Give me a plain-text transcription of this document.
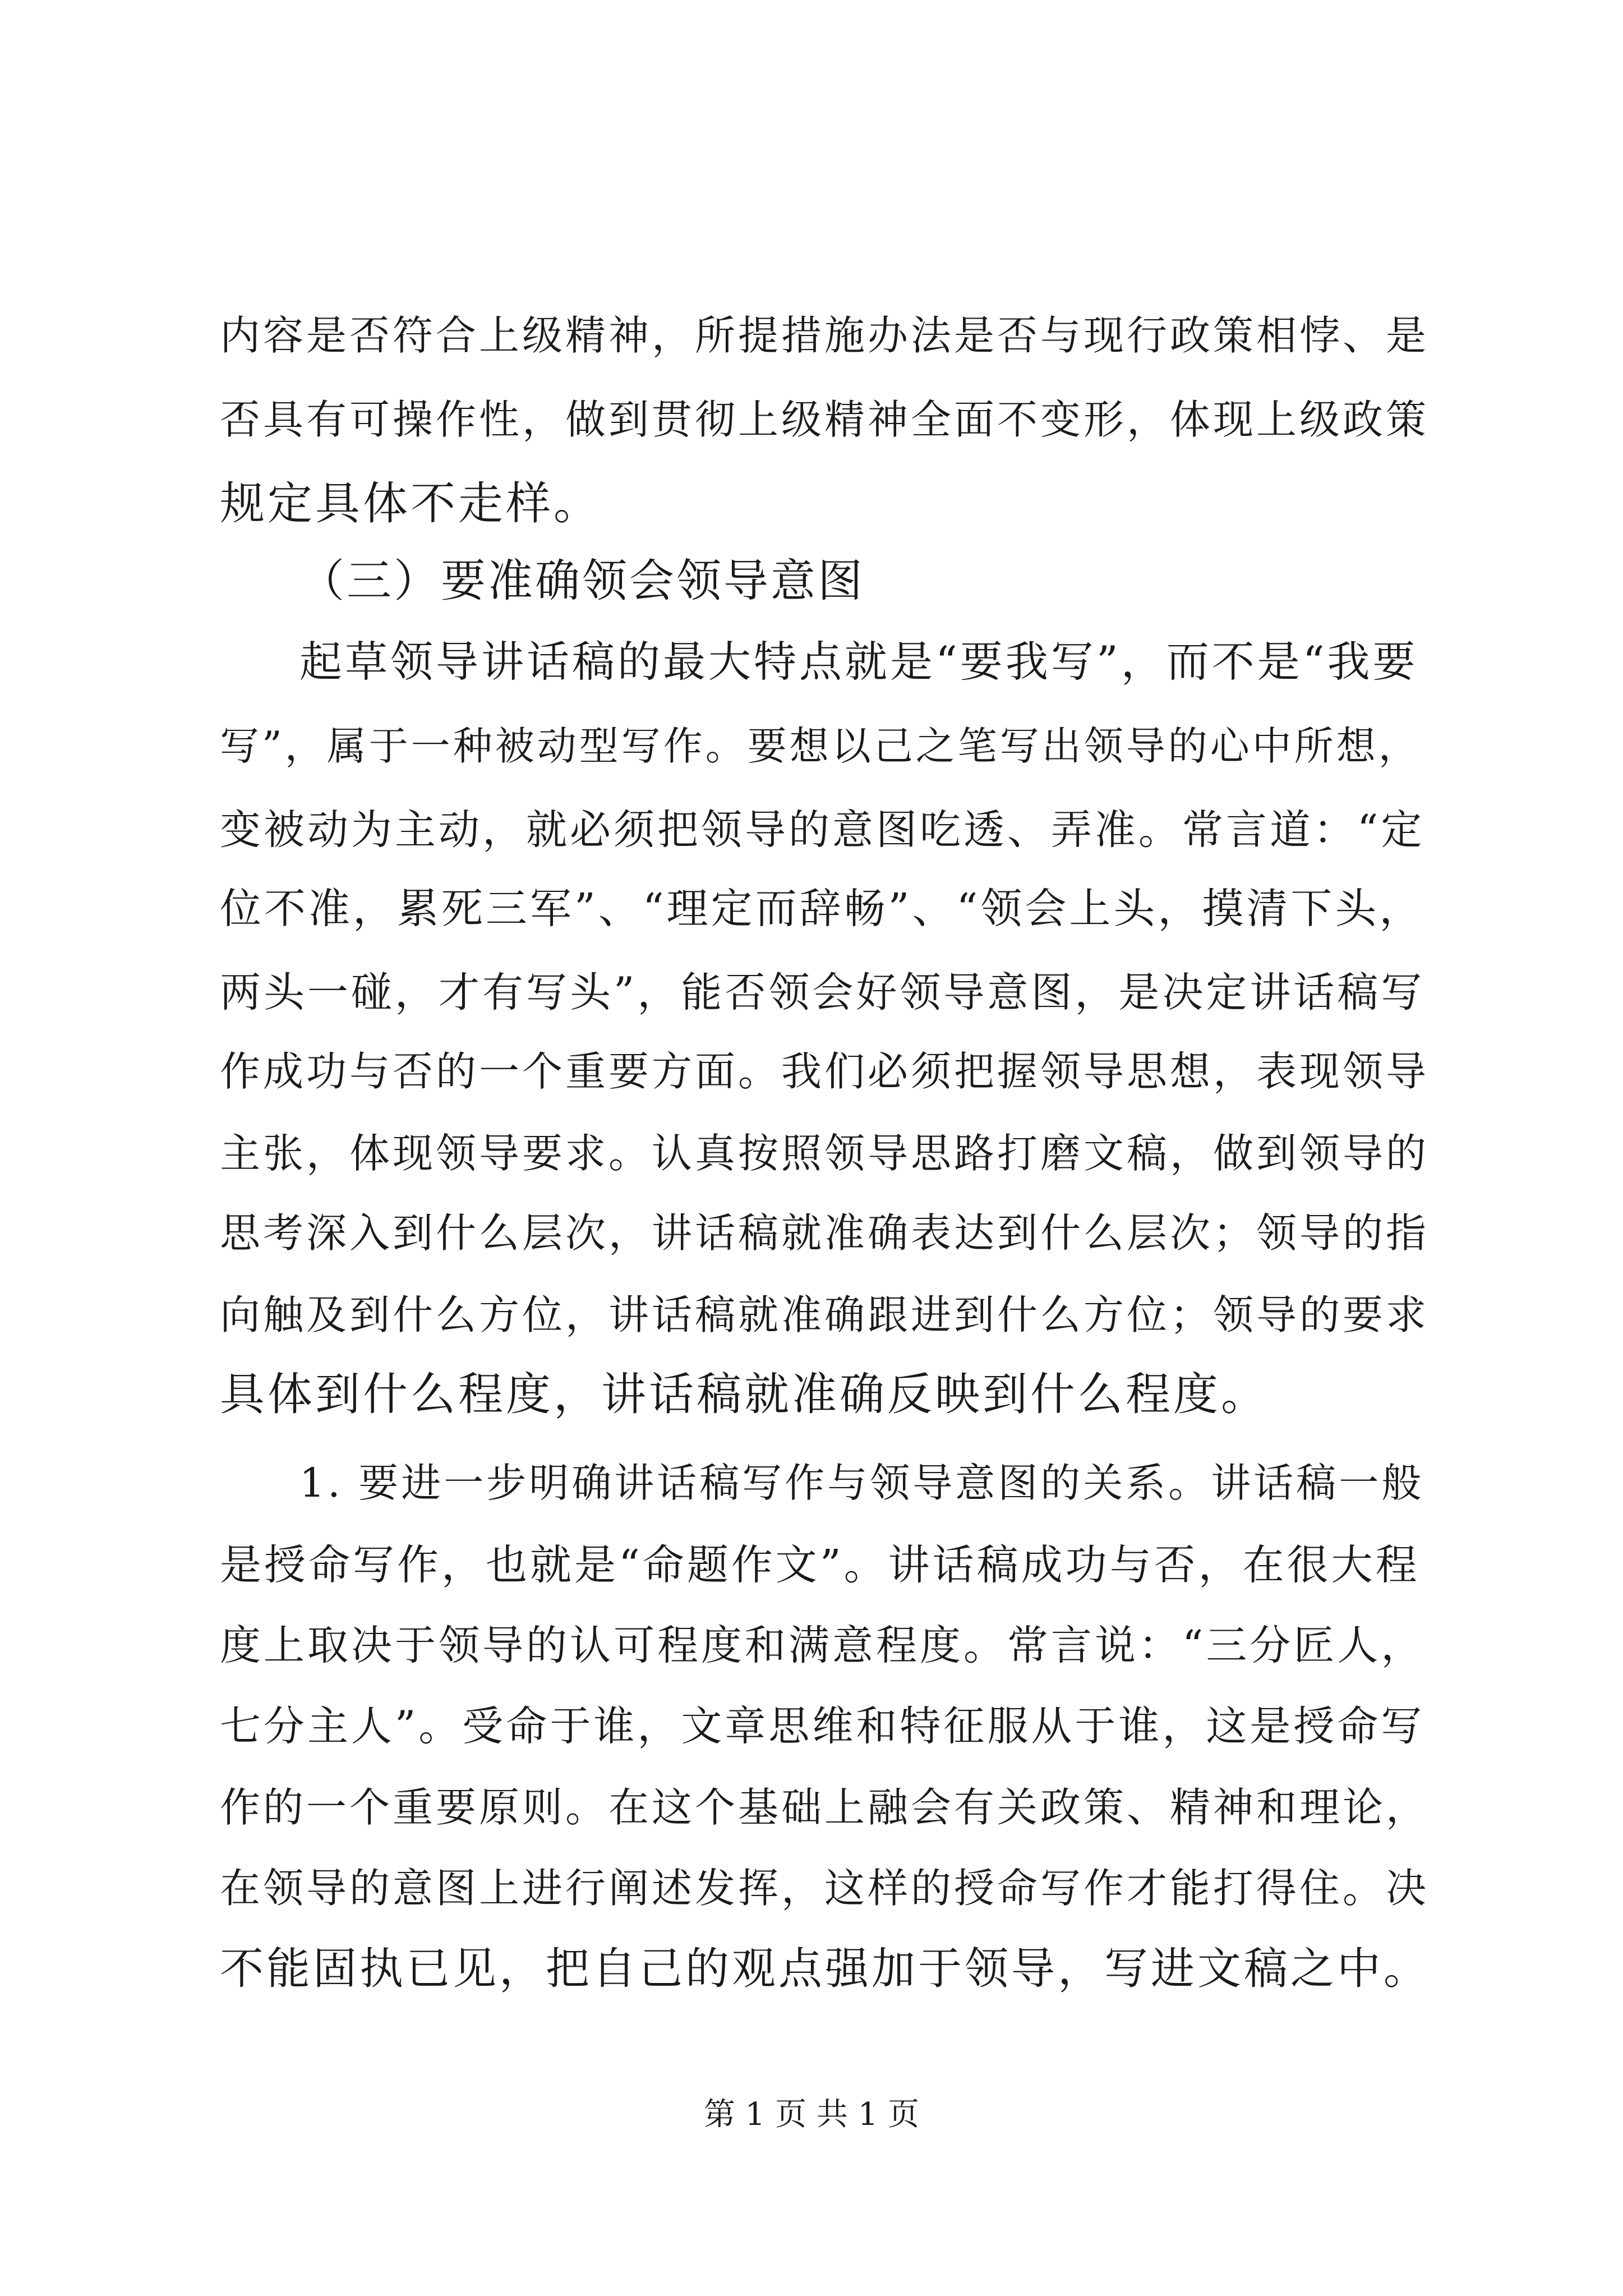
内容是否符合上级精神，所提措施办法是否与现行政策相悖、是
否具有可操作性，做到贯彻上级精神全面不变形，体现上级政策
规定具体不走样。
（三）要准确领会领导意图
起草领导讲话稿的最大特点就是“要我写”，而不是“我要
写”，属于一种被动型写作。要想以己之笔写出领导的心中所想，
变被动为主动，就必须把领导的意图吃透、弄准。常言道：“定
位不准，累死三军”、“理定而辞畅”、“领会上头，摸清下头，
两头一碰，才有写头”，能否领会好领导意图，是决定讲话稿写
作成功与否的一个重要方面。我们必须把握领导思想，表现领导
主张，体现领导要求。认真按照领导思路打磨文稿，做到领导的
思考深入到什么层次，讲话稿就准确表达到什么层次；领导的指
向触及到什么方位，讲话稿就准确跟进到什么方位；领导的要求
具体到什么程度，讲话稿就准确反映到什么程度。
1. 要进一步明确讲话稿写作与领导意图的关系。讲话稿一般
是授命写作，也就是“命题作文”。讲话稿成功与否，在很大程
度上取决于领导的认可程度和满意程度。常言说：“三分匠人，
七分主人”。受命于谁，文章思维和特征服从于谁，这是授命写
作的一个重要原则。在这个基础上融会有关政策、精神和理论，
在领导的意图上进行阐述发挥，这样的授命写作才能打得住。决
不能固执已见，把自己的观点强加于领导，写进文稿之中。
第 1 页 共 1 页
